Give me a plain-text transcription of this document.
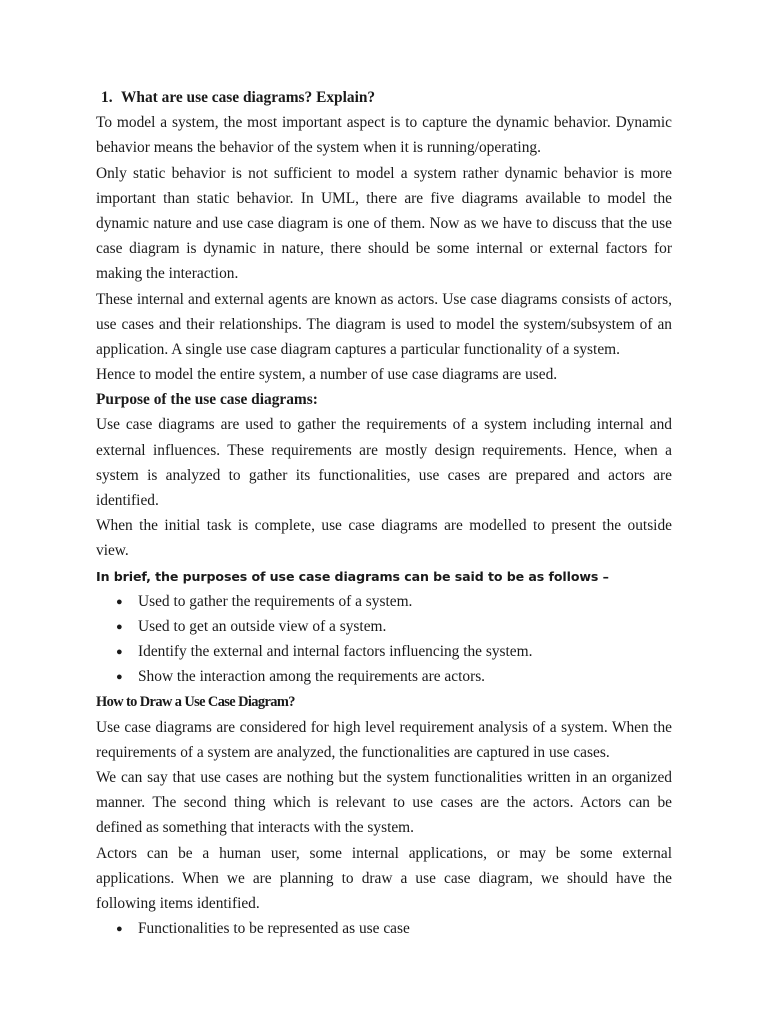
1. What are use case diagrams? Explain?
To model a system, the most important aspect is to capture the dynamic behavior. Dynamic
behavior means the behavior of the system when it is running/operating.
Only static behavior is not sufficient to model a system rather dynamic behavior is more
important than static behavior. In UML, there are five diagrams available to model the
dynamic nature and use case diagram is one of them. Now as we have to discuss that the use
case diagram is dynamic in nature, there should be some internal or external factors for
making the interaction.
These internal and external agents are known as actors. Use case diagrams consists of actors,
use cases and their relationships. The diagram is used to model the system/subsystem of an
application. A single use case diagram captures a particular functionality of a system.
Hence to model the entire system, a number of use case diagrams are used.
Purpose of the use case diagrams:
Use case diagrams are used to gather the requirements of a system including internal and
external influences. These requirements are mostly design requirements. Hence, when a
system is analyzed to gather its functionalities, use cases are prepared and actors are
identified.
When the initial task is complete, use case diagrams are modelled to present the outside
view.
In brief, the purposes of use case diagrams can be said to be as follows –
● Used to gather the requirements of a system.
● Used to get an outside view of a system.
● Identify the external and internal factors influencing the system.
● Show the interaction among the requirements are actors.
How to Draw a Use Case Diagram?
Use case diagrams are considered for high level requirement analysis of a system. When the
requirements of a system are analyzed, the functionalities are captured in use cases.
We can say that use cases are nothing but the system functionalities written in an organized
manner. The second thing which is relevant to use cases are the actors. Actors can be
defined as something that interacts with the system.
Actors can be a human user, some internal applications, or may be some external
applications. When we are planning to draw a use case diagram, we should have the
following items identified.
● Functionalities to be represented as use case
